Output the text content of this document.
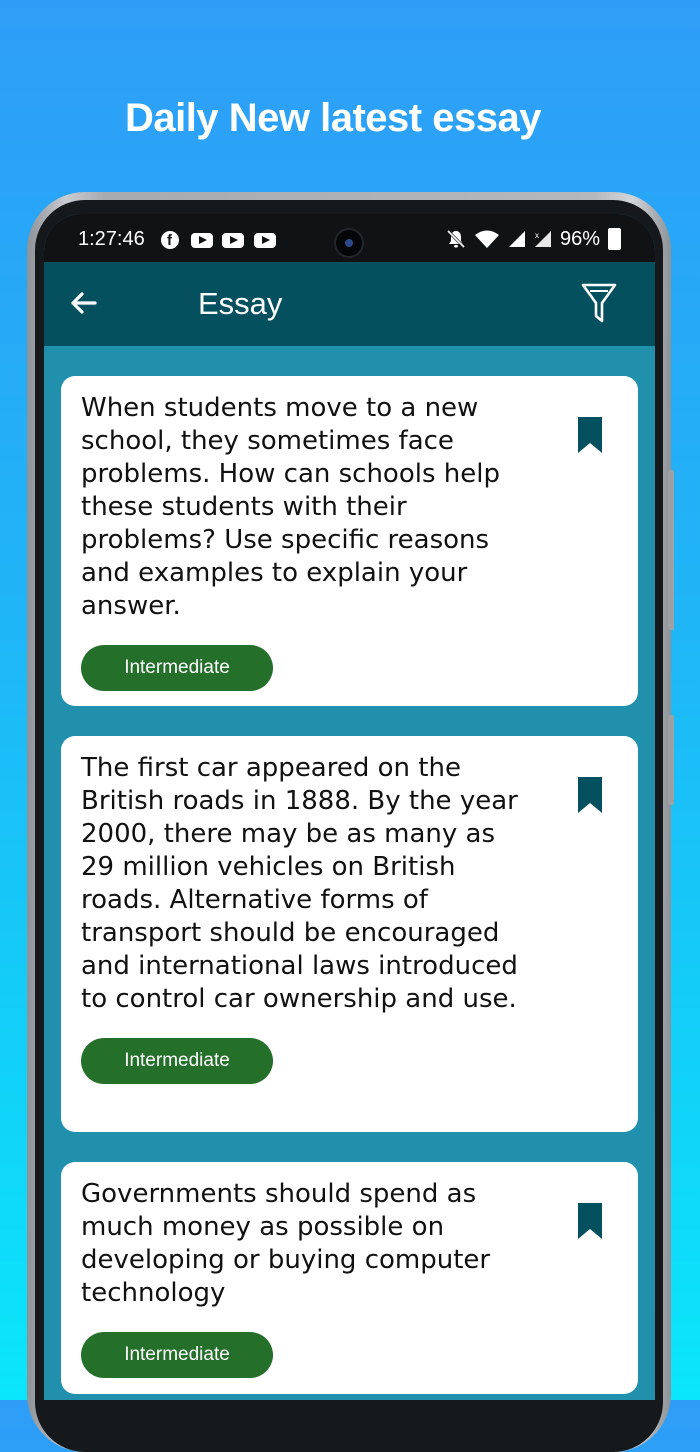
Daily New latest essay
1:27:46 f	x 96%
Essay

When students move to a new school, they sometimes face problems. How can schools help these students with their problems? Use specific reasons and examples to explain your answer.

Intermediate

The first car appeared on the British roads in 1888. By the year 2000, there may be as many as 29 million vehicles on British roads. Alternative forms of transport should be encouraged and international laws introduced to control car ownership and use.

Intermediate

Governments should spend as much money as possible on developing or buying computer technology

Intermediate
